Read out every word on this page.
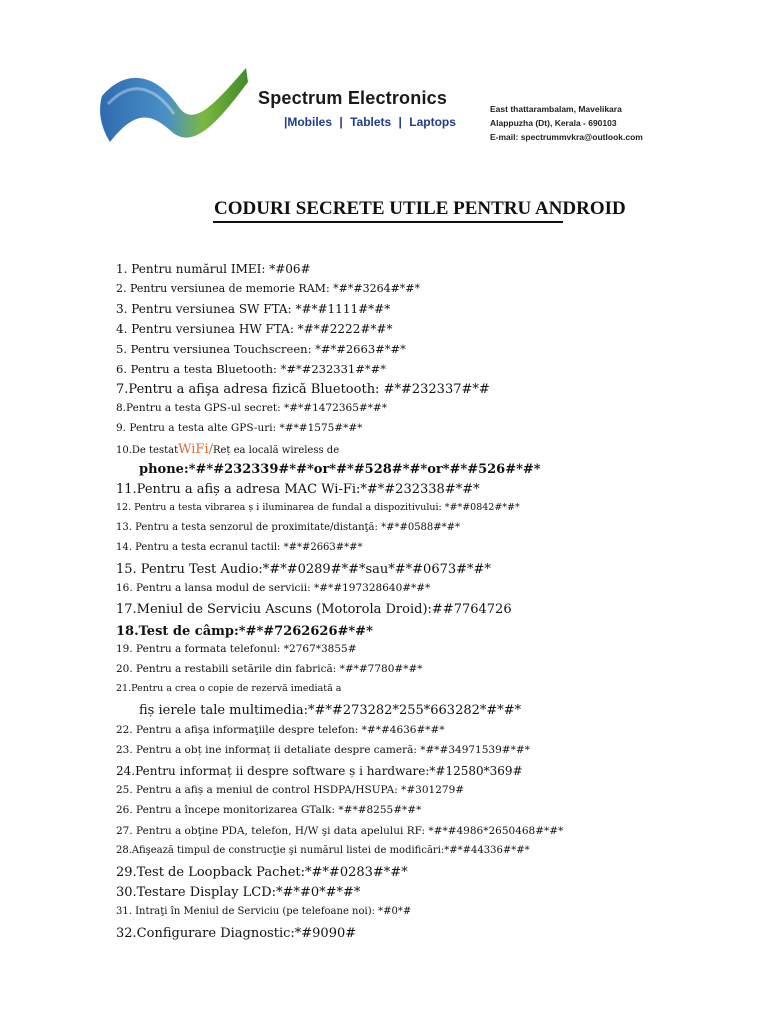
Spectrum Electronics
|Mobiles | Tablets | Laptops
East thattarambalam, Mavelikara
Alappuzha (Dt), Kerala - 690103
E-mail: spectrummvkra@outlook.com
CODURI SECRETE UTILE PENTRU ANDROID
1. Pentru numărul IMEI: *#06#
2. Pentru versiunea de memorie RAM: *#*#3264#*#*
3. Pentru versiunea SW FTA: *#*#1111#*#*
4. Pentru versiunea HW FTA: *#*#2222#*#*
5. Pentru versiunea Touchscreen: *#*#2663#*#*
6. Pentru a testa Bluetooth: *#*#232331#*#*
7.Pentru a afişa adresa fizică Bluetooth: #*#232337#*#
8.Pentru a testa GPS-ul secret: *#*#1472365#*#*
9. Pentru a testa alte GPS-uri: *#*#1575#*#*
10.De testatWiFi/Reț ea locală wireless de
phone:*#*#232339#*#*or*#*#528#*#*or*#*#526#*#*
11.Pentru a afiș a adresa MAC Wi-Fi:*#*#232338#*#*
12. Pentru a testa vibrarea ș i iluminarea de fundal a dispozitivului: *#*#0842#*#*
13. Pentru a testa senzorul de proximitate/distanţă: *#*#0588#*#*
14. Pentru a testa ecranul tactil: *#*#2663#*#*
15. Pentru Test Audio:*#*#0289#*#*sau*#*#0673#*#*
16. Pentru a lansa modul de servicii: *#*#197328640#*#*
17.Meniul de Serviciu Ascuns (Motorola Droid):##7764726
18.Test de câmp:*#*#7262626#*#*
19. Pentru a formata telefonul: *2767*3855#
20. Pentru a restabili setările din fabrică: *#*#7780#*#*
21.Pentru a crea o copie de rezervă imediată a
fiș ierele tale multimedia:*#*#273282*255*663282*#*#*
22. Pentru a afişa informaţiile despre telefon: *#*#4636#*#*
23. Pentru a obț ine informaț ii detaliate despre cameră: *#*#34971539#*#*
24.Pentru informaț ii despre software ș i hardware:*#12580*369#
25. Pentru a afiș a meniul de control HSDPA/HSUPA: *#301279#
26. Pentru a începe monitorizarea GTalk: *#*#8255#*#*
27. Pentru a obţine PDA, telefon, H/W şi data apelului RF: *#*#4986*2650468#*#*
28.Afişează timpul de construcţie şi numărul listei de modificări:*#*#44336#*#*
29.Test de Loopback Pachet:*#*#0283#*#*
30.Testare Display LCD:*#*#0*#*#*
31. Intraţi în Meniul de Serviciu (pe telefoane noi): *#0*#
32.Configurare Diagnostic:*#9090#
